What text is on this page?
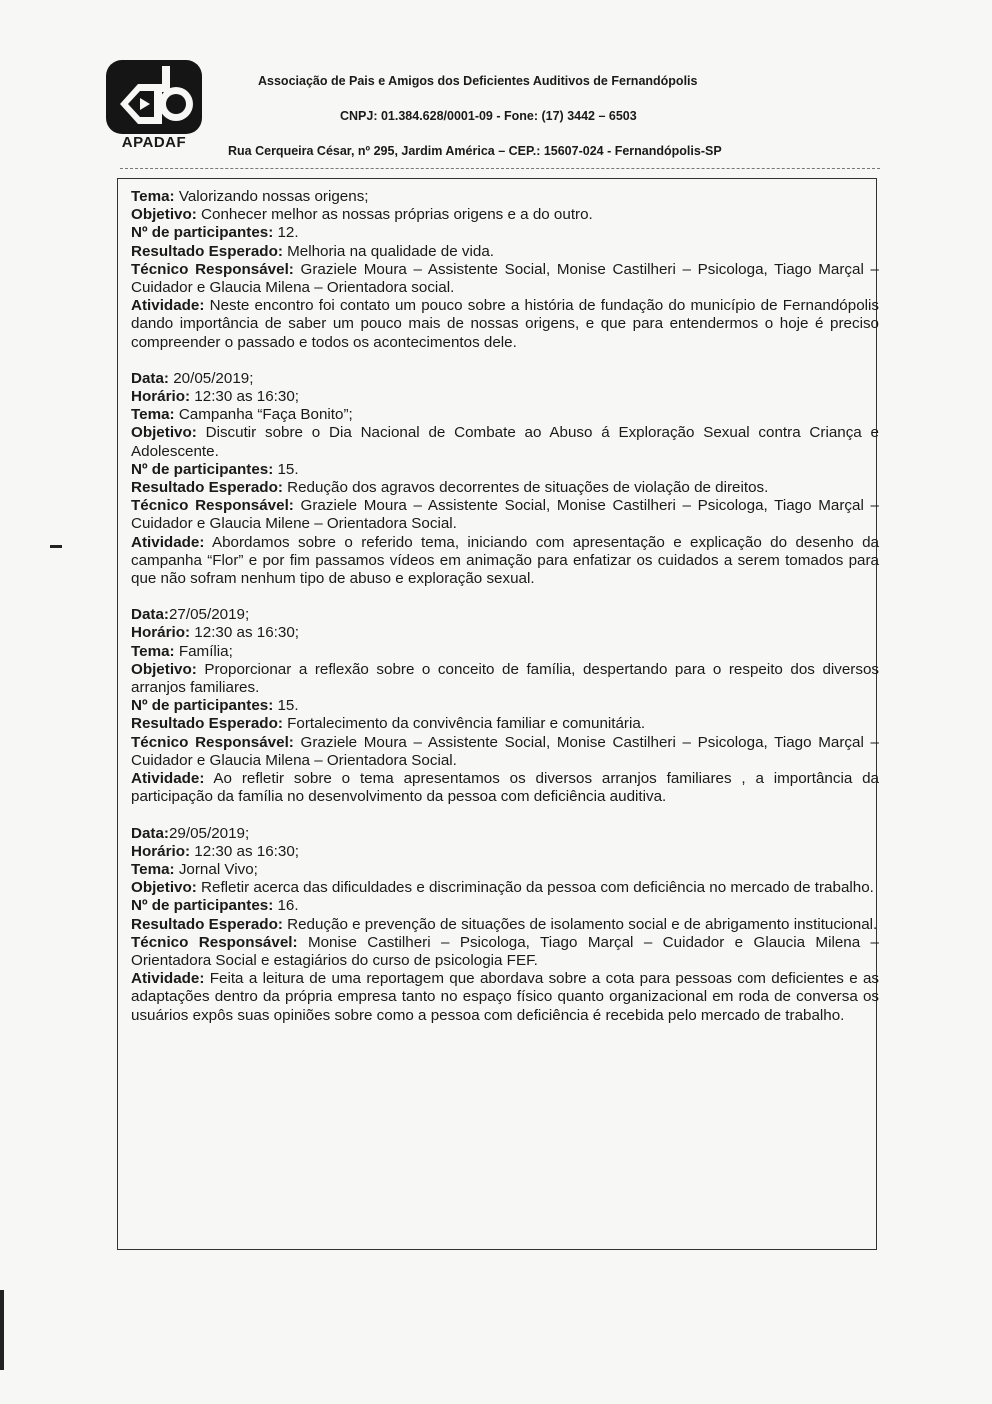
APADAF
Associação de Pais e Amigos dos Deficientes Auditivos de Fernandópolis
CNPJ: 01.384.628/0001-09 - Fone: (17) 3442 – 6503
Rua Cerqueira César, nº 295, Jardim América – CEP.: 15607-024 - Fernandópolis-SP

Tema: Valorizando nossas origens;

Objetivo: Conhecer melhor as nossas próprias origens e a do outro.

Nº de participantes: 12.

Resultado Esperado: Melhoria na qualidade de vida.

Técnico Responsável: Graziele Moura – Assistente Social, Monise Castilheri – Psicologa, Tiago Marçal – Cuidador e Glaucia Milena – Orientadora social.

Atividade: Neste encontro foi contato um pouco sobre a história de fundação do município de Fernandópolis dando importância de saber um pouco mais de nossas origens, e que para entendermos o hoje é preciso compreender o passado e todos os acontecimentos dele.

Data: 20/05/2019;

Horário: 12:30 as 16:30;

Tema: Campanha “Faça Bonito”;

Objetivo: Discutir sobre o Dia Nacional de Combate ao Abuso á Exploração Sexual contra Criança e Adolescente.

Nº de participantes: 15.

Resultado Esperado: Redução dos agravos decorrentes de situações de violação de direitos.

Técnico Responsável: Graziele Moura – Assistente Social, Monise Castilheri – Psicologa, Tiago Marçal – Cuidador e Glaucia Milene – Orientadora Social.

Atividade: Abordamos sobre o referido tema, iniciando com apresentação e explicação do desenho da campanha “Flor” e por fim passamos vídeos em animação para enfatizar os cuidados a serem tomados para que não sofram nenhum tipo de abuso e exploração sexual.

Data:27/05/2019;

Horário: 12:30 as 16:30;

Tema: Família;

Objetivo: Proporcionar a reflexão sobre o conceito de família, despertando para o respeito dos diversos arranjos familiares.

Nº de participantes: 15.

Resultado Esperado: Fortalecimento da convivência familiar e comunitária.

Técnico Responsável: Graziele Moura – Assistente Social, Monise Castilheri – Psicologa, Tiago Marçal – Cuidador e Glaucia Milena – Orientadora Social.

Atividade: Ao refletir sobre o tema apresentamos os diversos arranjos familiares , a importância da participação da família no desenvolvimento da pessoa com deficiência auditiva.

Data:29/05/2019;

Horário: 12:30 as 16:30;

Tema: Jornal Vivo;

Objetivo: Refletir acerca das dificuldades e discriminação da pessoa com deficiência no mercado de trabalho.

Nº de participantes: 16.

Resultado Esperado: Redução e prevenção de situações de isolamento social e de abrigamento institucional.

Técnico Responsável: Monise Castilheri – Psicologa, Tiago Marçal – Cuidador e Glaucia Milena – Orientadora Social e estagiários do curso de psicologia FEF.

Atividade: Feita a leitura de uma reportagem que abordava sobre a cota para pessoas com deficientes e as adaptações dentro da própria empresa tanto no espaço físico quanto organizacional em roda de conversa os usuários expôs suas opiniões sobre como a pessoa com deficiência é recebida pelo mercado de trabalho.
